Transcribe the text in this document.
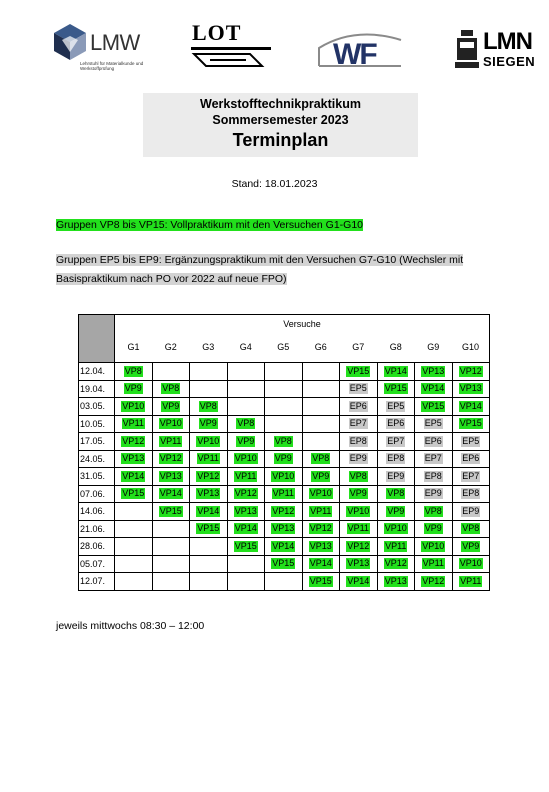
LMW
Lehrstuhl für Materialkunde und Werkstoffprüfung
LOT
WF	LMN
SIEGEN
Werkstofftechnikpraktikum
Sommersemester 2023
Terminplan
Stand: 18.01.2023
Gruppen VP8 bis VP15: Vollpraktikum mit den Versuchen G1-G10
Gruppen EP5 bis EP9: Ergänzungspraktikum mit den Versuchen G7-G10 (Wechsler mit Basispraktikum nach PO vor 2022 auf neue FPO)
	Versuche									
	G1	G2	G3	G4	G5	G6	G7	G8	G9	G10
12.04.	VP8						VP15	VP14	VP13	VP12
19.04.	VP9	VP8					EP5	VP15	VP14	VP13
03.05.	VP10	VP9	VP8				EP6	EP5	VP15	VP14
10.05.	VP11	VP10	VP9	VP8			EP7	EP6	EP5	VP15
17.05.	VP12	VP11	VP10	VP9	VP8		EP8	EP7	EP6	EP5
24.05.	VP13	VP12	VP11	VP10	VP9	VP8	EP9	EP8	EP7	EP6
31.05.	VP14	VP13	VP12	VP11	VP10	VP9	VP8	EP9	EP8	EP7
07.06.	VP15	VP14	VP13	VP12	VP11	VP10	VP9	VP8	EP9	EP8
14.06.		VP15	VP14	VP13	VP12	VP11	VP10	VP9	VP8	EP9
21.06.			VP15	VP14	VP13	VP12	VP11	VP10	VP9	VP8
28.06.				VP15	VP14	VP13	VP12	VP11	VP10	VP9
05.07.					VP15	VP14	VP13	VP12	VP11	VP10
12.07.						VP15	VP14	VP13	VP12	VP11
jeweils mittwochs 08:30 – 12:00
